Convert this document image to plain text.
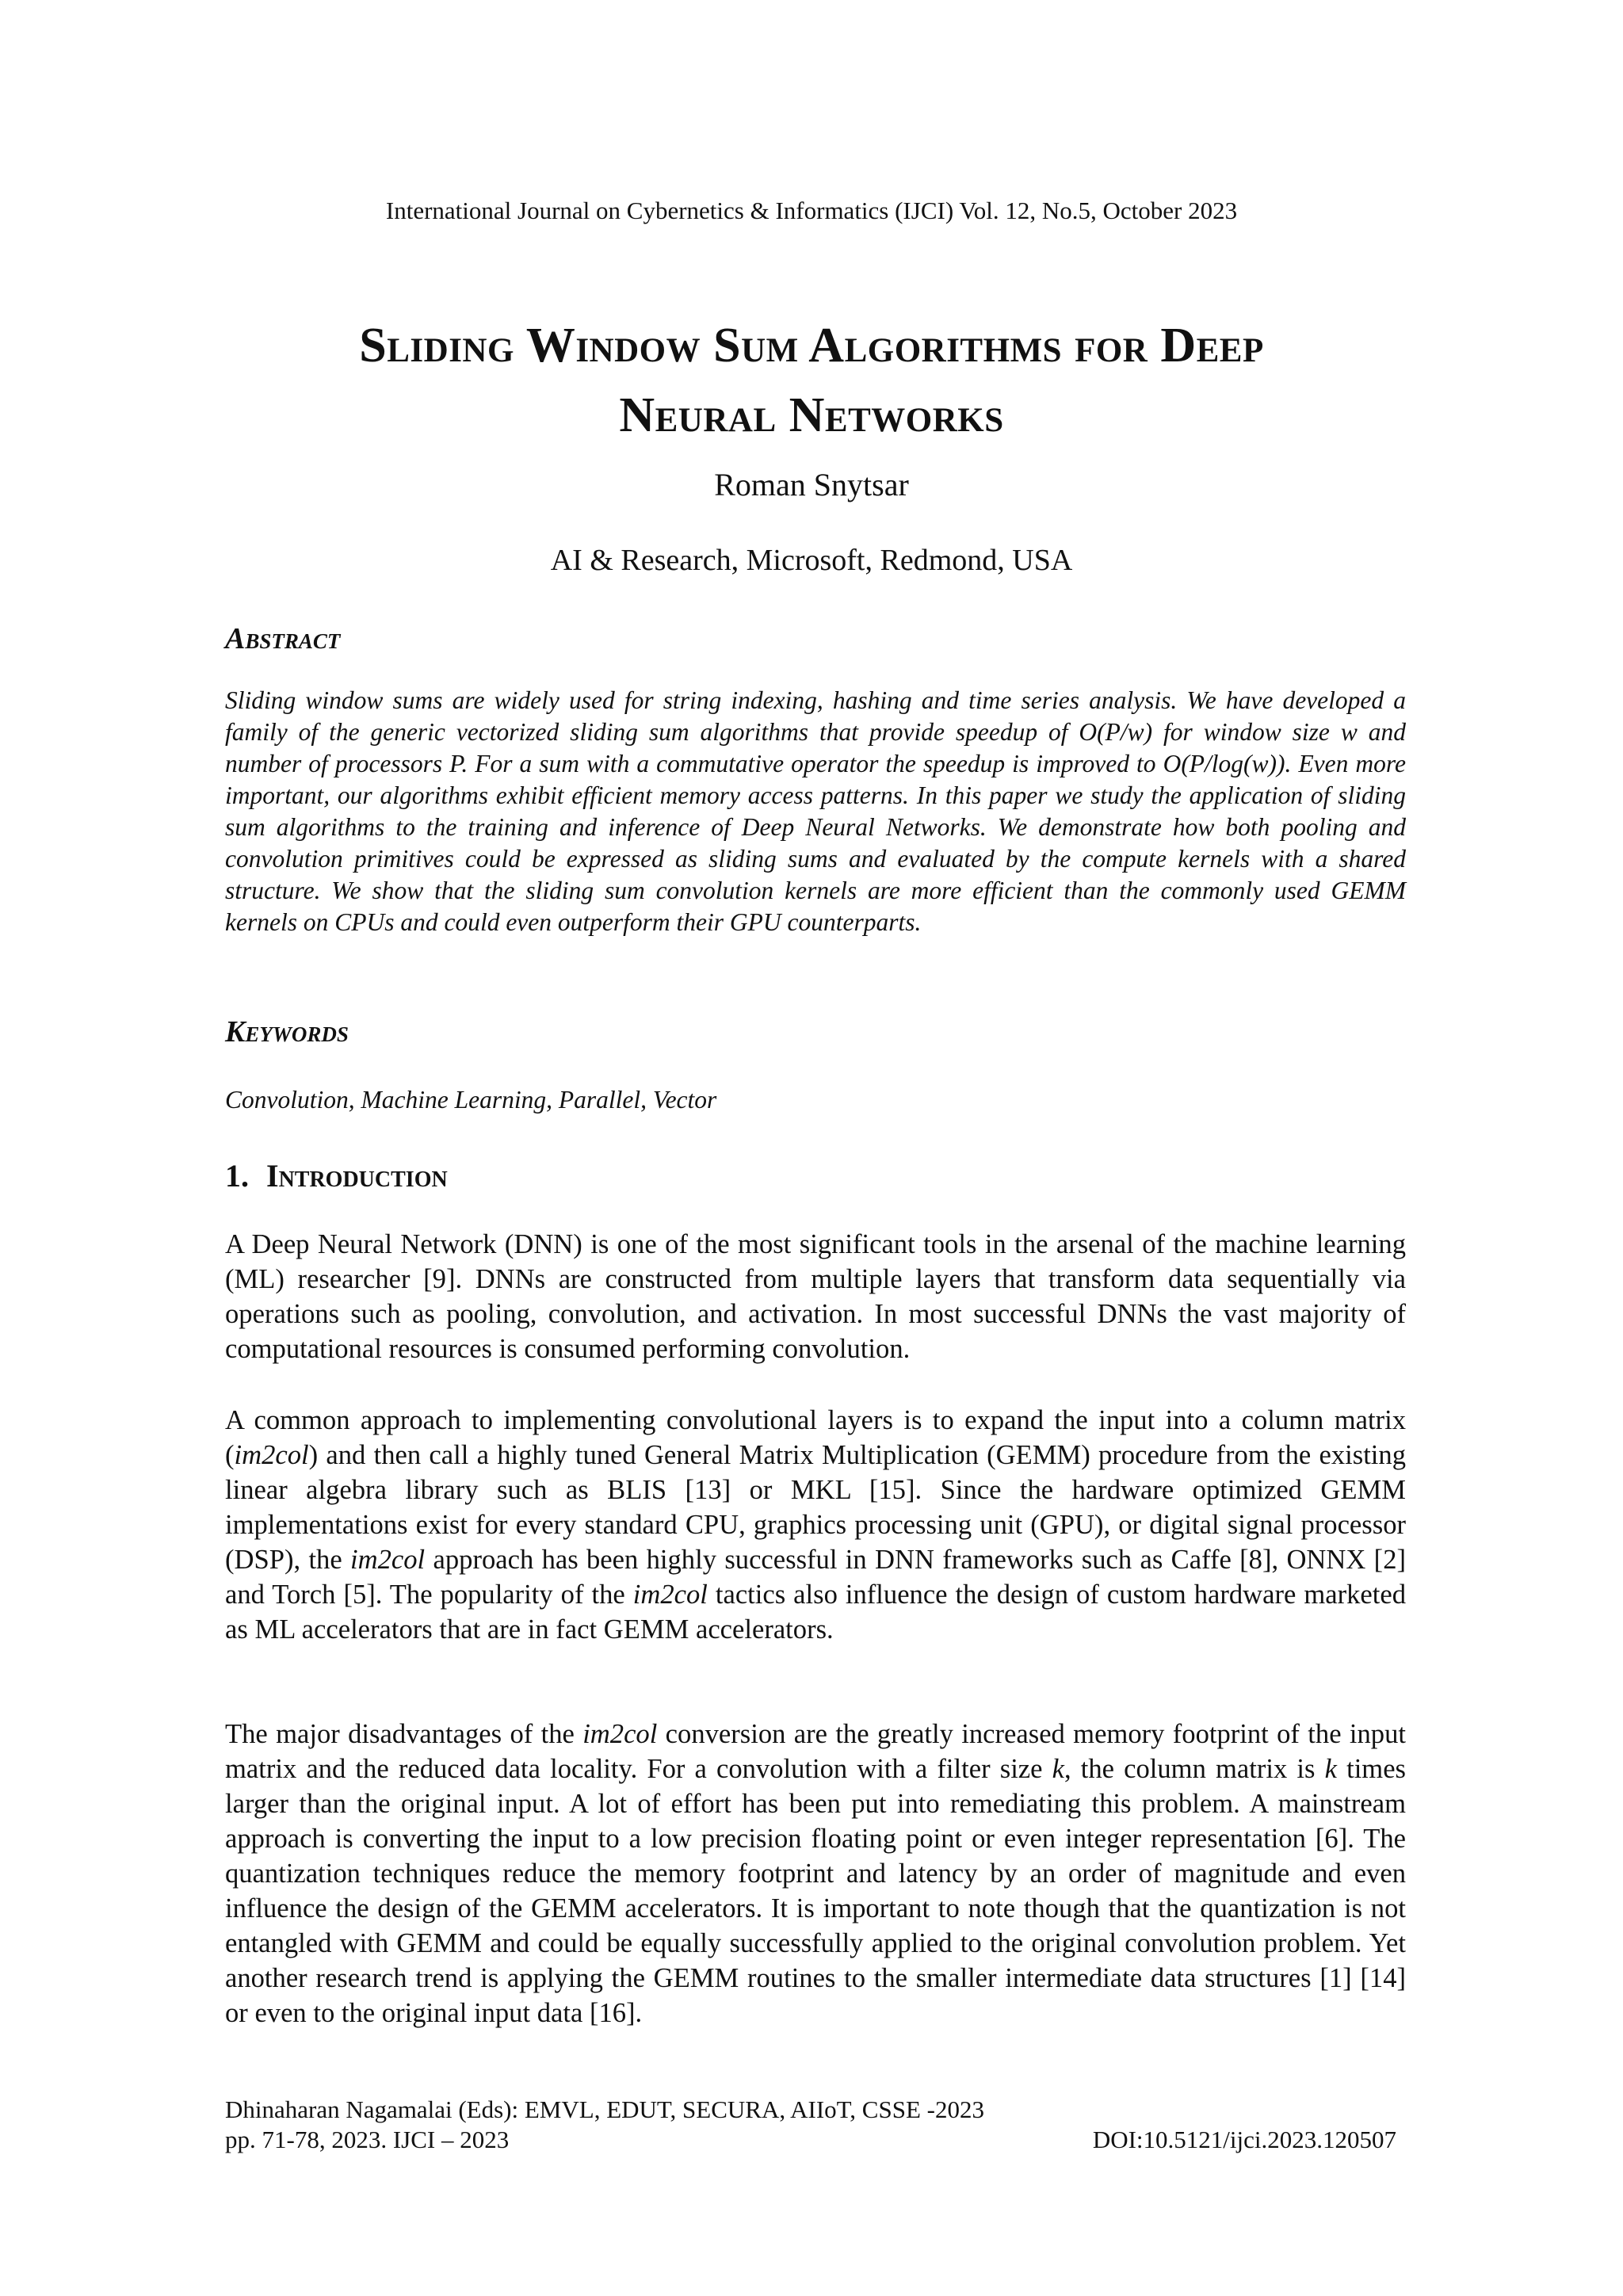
International Journal on Cybernetics & Informatics (IJCI) Vol. 12, No.5, October 2023
Sliding Window Sum Algorithms for Deep
Neural Networks
Roman Snytsar
AI & Research, Microsoft, Redmond, USA
Abstract

Sliding window sums are widely used for string indexing, hashing and time series analysis. We have developed a family of the generic vectorized sliding sum algorithms that provide speedup of O(P/w) for window size w and number of processors P. For a sum with a commutative operator the speedup is improved to O(P/log(w)). Even more important, our algorithms exhibit efficient memory access patterns. In this paper we study the application of sliding sum algorithms to the training and inference of Deep Neural Networks. We demonstrate how both pooling and convolution primitives could be expressed as sliding sums and evaluated by the compute kernels with a shared structure. We show that the sliding sum convolution kernels are more efficient than the commonly used GEMM kernels on CPUs and could even outperform their GPU counterparts.

Keywords

Convolution, Machine Learning, Parallel, Vector

1. Introduction

A Deep Neural Network (DNN) is one of the most significant tools in the arsenal of the machine learning (ML) researcher [9]. DNNs are constructed from multiple layers that transform data sequentially via operations such as pooling, convolution, and activation. In most successful DNNs the vast majority of computational resources is consumed performing convolution.

A common approach to implementing convolutional layers is to expand the input into a column matrix (im2col) and then call a highly tuned General Matrix Multiplication (GEMM) procedure from the existing linear algebra library such as BLIS [13] or MKL [15]. Since the hardware optimized GEMM implementations exist for every standard CPU, graphics processing unit (GPU), or digital signal processor (DSP), the im2col approach has been highly successful in DNN frameworks such as Caffe [8], ONNX [2] and Torch [5]. The popularity of the im2col tactics also influence the design of custom hardware marketed as ML accelerators that are in fact GEMM accelerators.

The major disadvantages of the im2col conversion are the greatly increased memory footprint of the input matrix and the reduced data locality. For a convolution with a filter size k, the column matrix is k times larger than the original input. A lot of effort has been put into remediating this problem. A mainstream approach is converting the input to a low precision floating point or even integer representation [6]. The quantization techniques reduce the memory footprint and latency by an order of magnitude and even influence the design of the GEMM accelerators. It is important to note though that the quantization is not entangled with GEMM and could be equally successfully applied to the original convolution problem. Yet another research trend is applying the GEMM routines to the smaller intermediate data structures [1] [14] or even to the original input data [16].

Dhinaharan Nagamalai (Eds): EMVL, EDUT, SECURA, AIIoT, CSSE -2023
pp. 71-78, 2023. IJCI – 2023	DOI:10.5121/ijci.2023.120507
